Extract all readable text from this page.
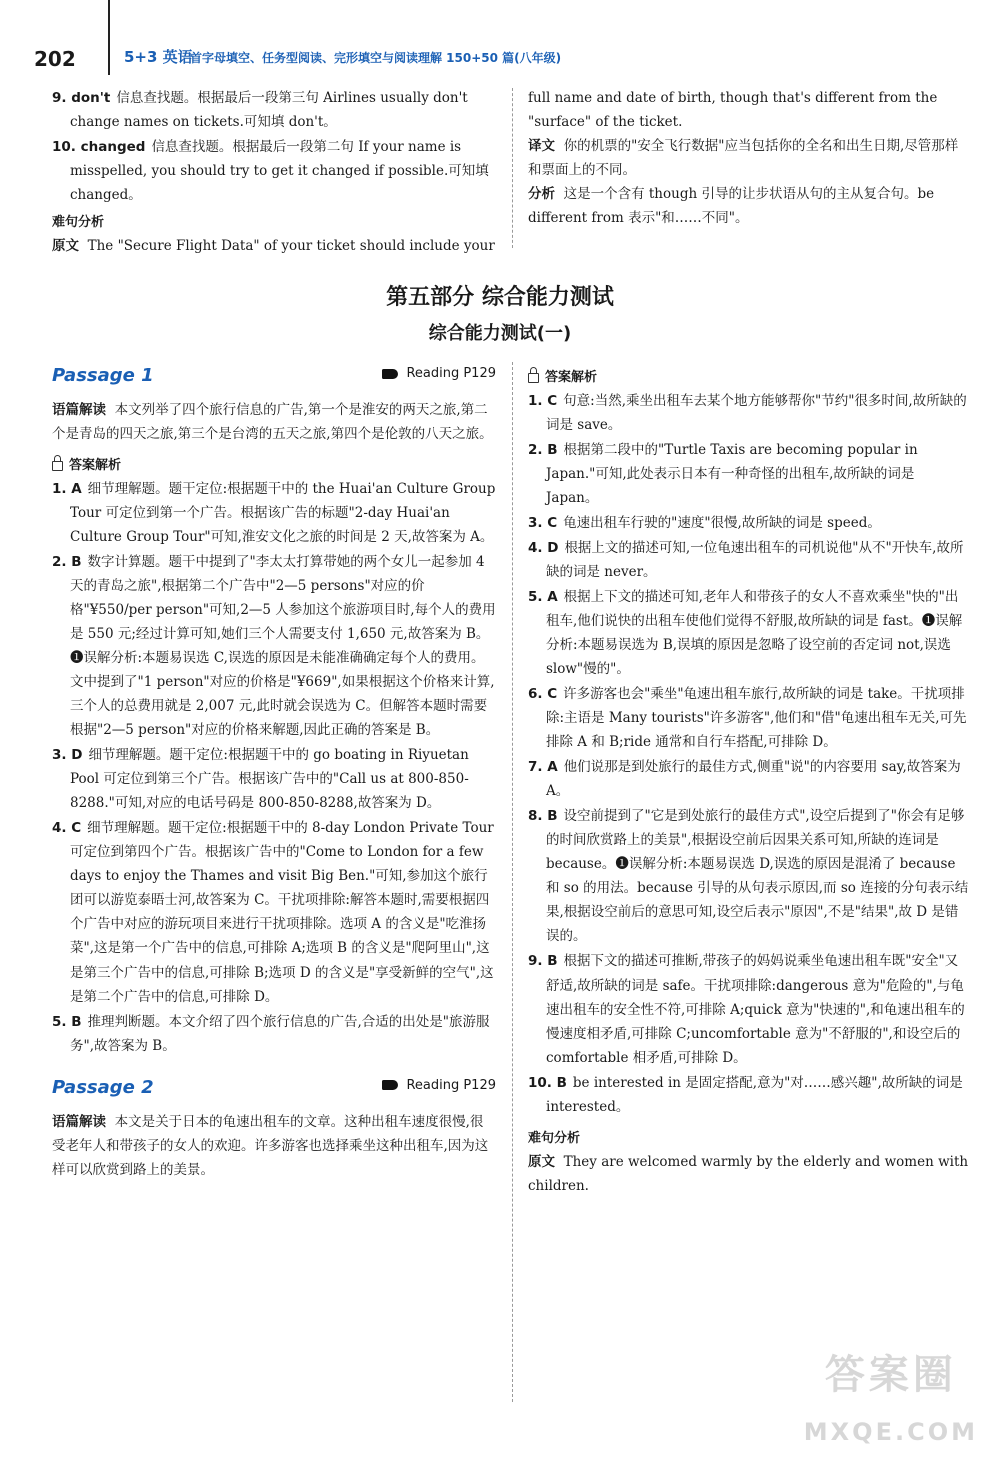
202	5+3 英语
首字母填空、任务型阅读、完形填空与阅读理解 150+50 篇(八年级)

9. don't 信息查找题。根据最后一段第三句 Airlines usually don't change names on tickets.可知填 don't。

10. changed 信息查找题。根据最后一段第二句 If your name is misspelled, you should try to get it changed if possible.可知填 changed。

难句分析

原文 The "Secure Flight Data" of your ticket should include your

full name and date of birth, though that's different from the "surface" of the ticket.

译文 你的机票的"安全飞行数据"应当包括你的全名和出生日期,尽管那样和票面上的不同。

分析 这是一个含有 though 引导的让步状语从句的主从复合句。be different from 表示"和……不同"。

第五部分 综合能力测试
综合能力测试(一)
Passage 1	Reading P129

语篇解读 本文列举了四个旅行信息的广告,第一个是淮安的两天之旅,第二个是青岛的四天之旅,第三个是台湾的五天之旅,第四个是伦敦的八天之旅。

答案解析

1. A 细节理解题。题干定位:根据题干中的 the Huai'an Culture Group Tour 可定位到第一个广告。根据该广告的标题"2-day Huai'an Culture Group Tour"可知,淮安文化之旅的时间是 2 天,故答案为 A。

2. B 数字计算题。题干中提到了"李太太打算带她的两个女儿一起参加 4 天的青岛之旅",根据第二个广告中"2—5 persons"对应的价格"¥550/per person"可知,2—5 人参加这个旅游项目时,每个人的费用是 550 元;经过计算可知,她们三个人需要支付 1,650 元,故答案为 B。❶误解分析:本题易误选 C,误选的原因是未能准确确定每个人的费用。文中提到了"1 person"对应的价格是"¥669",如果根据这个价格来计算,三个人的总费用就是 2,007 元,此时就会误选为 C。但解答本题时需要根据"2—5 person"对应的价格来解题,因此正确的答案是 B。

3. D 细节理解题。题干定位:根据题干中的 go boating in Riyuetan Pool 可定位到第三个广告。根据该广告中的"Call us at 800-850-8288."可知,对应的电话号码是 800-850-8288,故答案为 D。

4. C 细节理解题。题干定位:根据题干中的 8-day London Private Tour 可定位到第四个广告。根据该广告中的"Come to London for a few days to enjoy the Thames and visit Big Ben."可知,参加这个旅行团可以游览泰晤士河,故答案为 C。干扰项排除:解答本题时,需要根据四个广告中对应的游玩项目来进行干扰项排除。选项 A 的含义是"吃淮扬菜",这是第一个广告中的信息,可排除 A;选项 B 的含义是"爬阿里山",这是第三个广告中的信息,可排除 B;选项 D 的含义是"享受新鲜的空气",这是第二个广告中的信息,可排除 D。

5. B 推理判断题。本文介绍了四个旅行信息的广告,合适的出处是"旅游服务",故答案为 B。

Passage 2	Reading P129

语篇解读 本文是关于日本的龟速出租车的文章。这种出租车速度很慢,很受老年人和带孩子的女人的欢迎。许多游客也选择乘坐这种出租车,因为这样可以欣赏到路上的美景。

答案解析

1. C 句意:当然,乘坐出租车去某个地方能够帮你"节约"很多时间,故所缺的词是 save。

2. B 根据第二段中的"Turtle Taxis are becoming popular in Japan."可知,此处表示日本有一种奇怪的出租车,故所缺的词是 Japan。

3. C 龟速出租车行驶的"速度"很慢,故所缺的词是 speed。

4. D 根据上文的描述可知,一位龟速出租车的司机说他"从不"开快车,故所缺的词是 never。

5. A 根据上下文的描述可知,老年人和带孩子的女人不喜欢乘坐"快的"出租车,他们说快的出租车使他们觉得不舒服,故所缺的词是 fast。❶误解分析:本题易误选为 B,误填的原因是忽略了设空前的否定词 not,误选 slow"慢的"。

6. C 许多游客也会"乘坐"龟速出租车旅行,故所缺的词是 take。干扰项排除:主语是 Many tourists"许多游客",他们和"借"龟速出租车无关,可先排除 A 和 B;ride 通常和自行车搭配,可排除 D。

7. A 他们说那是到处旅行的最佳方式,侧重"说"的内容要用 say,故答案为 A。

8. B 设空前提到了"它是到处旅行的最佳方式",设空后提到了"你会有足够的时间欣赏路上的美景",根据设空前后因果关系可知,所缺的连词是 because。❶误解分析:本题易误选 D,误选的原因是混淆了 because 和 so 的用法。because 引导的从句表示原因,而 so 连接的分句表示结果,根据设空前后的意思可知,设空后表示"原因",不是"结果",故 D 是错误的。

9. B 根据下文的描述可推断,带孩子的妈妈说乘坐龟速出租车既"安全"又舒适,故所缺的词是 safe。干扰项排除:dangerous 意为"危险的",与龟速出租车的安全性不符,可排除 A;quick 意为"快速的",和龟速出租车的慢速度相矛盾,可排除 C;uncomfortable 意为"不舒服的",和设空后的 comfortable 相矛盾,可排除 D。

10. B be interested in 是固定搭配,意为"对……感兴趣",故所缺的词是 interested。

难句分析

原文 They are welcomed warmly by the elderly and women with children.

答案圈
MXQE.COM
